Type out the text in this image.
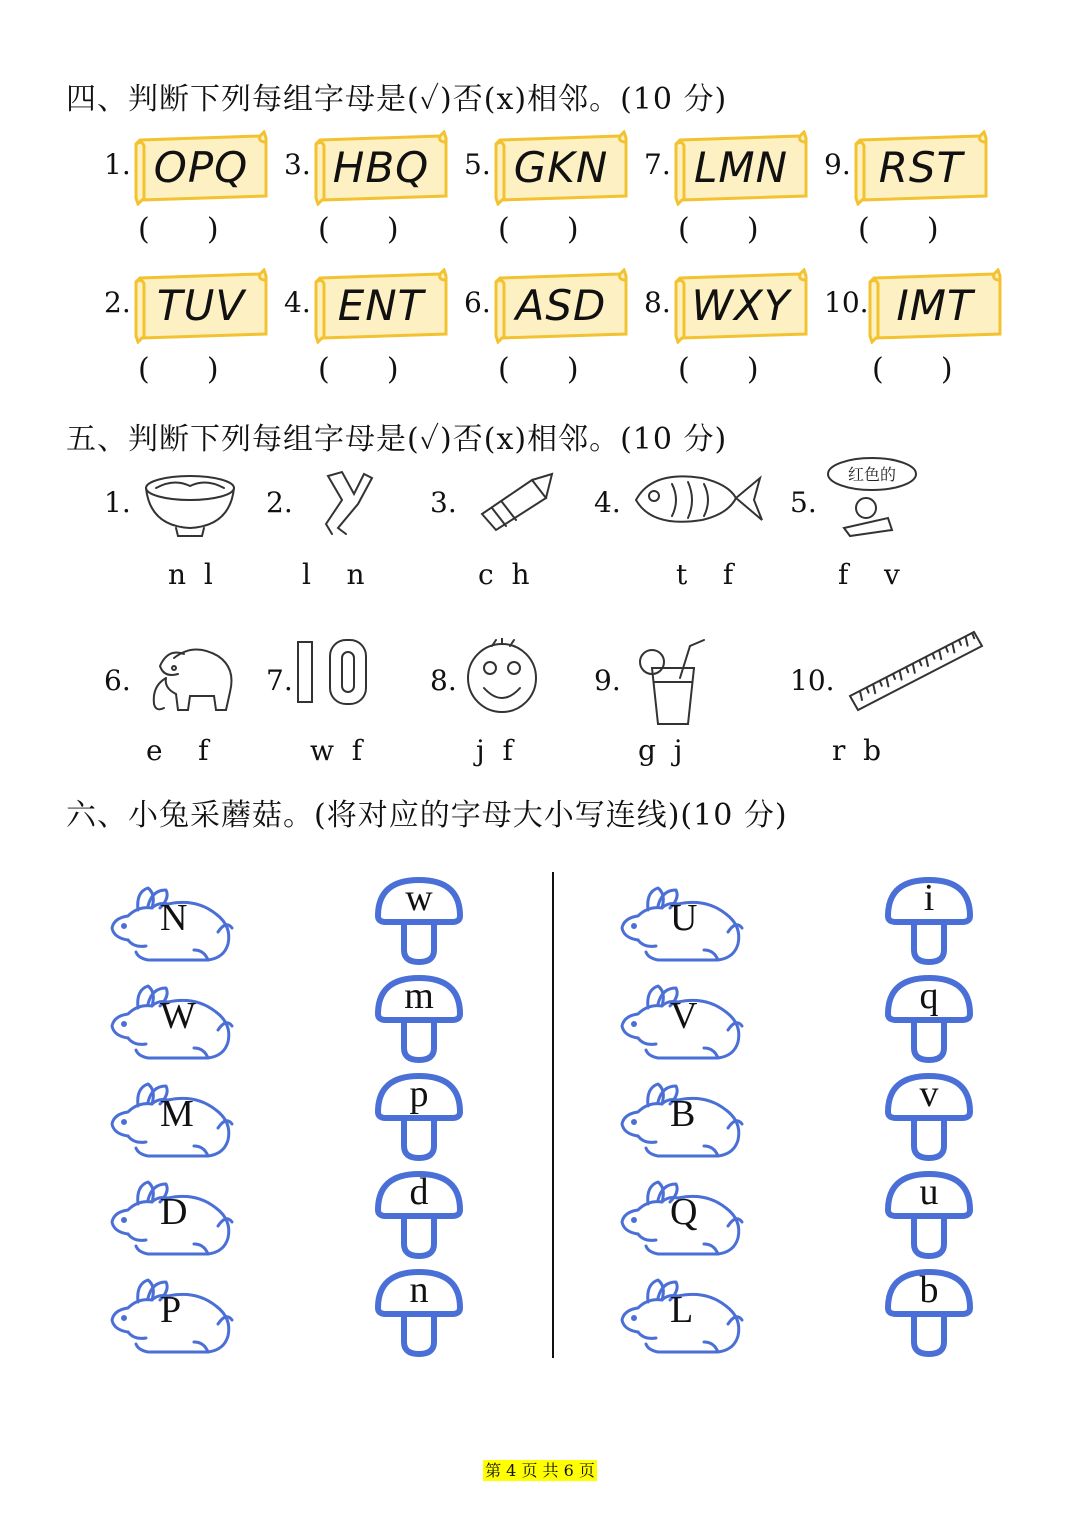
四、判断下列每组字母是(✓)否(x)相邻。(10 分)
1. OPQ
(      )
3. HBQ
(      )
5. GKN
(      )
7. LMN
(      )
9. RST
(      )
2. TUV
(      )
4. ENT
(      )
6. ASD
(      )
8. WXY
(      )
10. IMT
(      )
五、判断下列每组字母是(✓)否(x)相邻。(10 分)
1.
n  l
2.
l    n
3.
c  h
4.
t    f
5.
红色的
f    v
6.
e    f
7.
w  f
8.
j  f
9.
g  j
10.
r  b
六、小兔采蘑菇。(将对应的字母大小写连线)(10 分)
N	w	U	i
W	m	V	q
M	p	B	v
D	d	Q	u
P	n	L	b
第 4 页 共 6 页
